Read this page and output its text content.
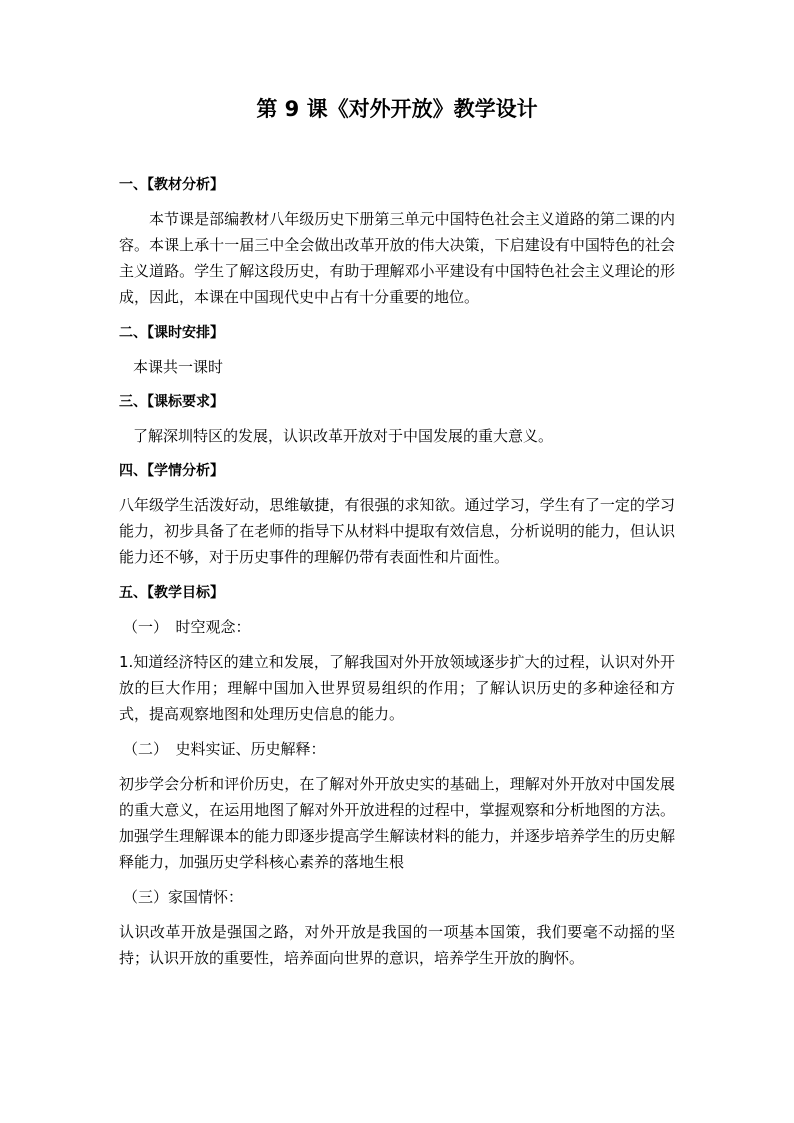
第 9 课《对外开放》教学设计

一、【教材分析】

本节课是部编教材八年级历史下册第三单元中国特色社会主义道路的第二课的内容。本课上承十一届三中全会做出改革开放的伟大决策，下启建设有中国特色的社会主义道路。学生了解这段历史，有助于理解邓小平建设有中国特色社会主义理论的形成，因此，本课在中国现代史中占有十分重要的地位。

二、【课时安排】

本课共一课时

三、【课标要求】

了解深圳特区的发展，认识改革开放对于中国发展的重大意义。

四、【学情分析】

八年级学生活泼好动，思维敏捷，有很强的求知欲。通过学习，学生有了一定的学习能力，初步具备了在老师的指导下从材料中提取有效信息，分析说明的能力，但认识能力还不够，对于历史事件的理解仍带有表面性和片面性。

五、【教学目标】

（一）　时空观念：

1.知道经济特区的建立和发展，了解我国对外开放领域逐步扩大的过程，认识对外开放的巨大作用；理解中国加入世界贸易组织的作用；了解认识历史的多种途径和方式，提高观察地图和处理历史信息的能力。

（二）　史料实证、历史解释：

初步学会分析和评价历史，在了解对外开放史实的基础上，理解对外开放对中国发展的重大意义，在运用地图了解对外开放进程的过程中，掌握观察和分析地图的方法。加强学生理解课本的能力即逐步提高学生解读材料的能力，并逐步培养学生的历史解释能力，加强历史学科核心素养的落地生根

（三）家国情怀：

认识改革开放是强国之路，对外开放是我国的一项基本国策，我们要毫不动摇的坚持；认识开放的重要性，培养面向世界的意识，培养学生开放的胸怀。
